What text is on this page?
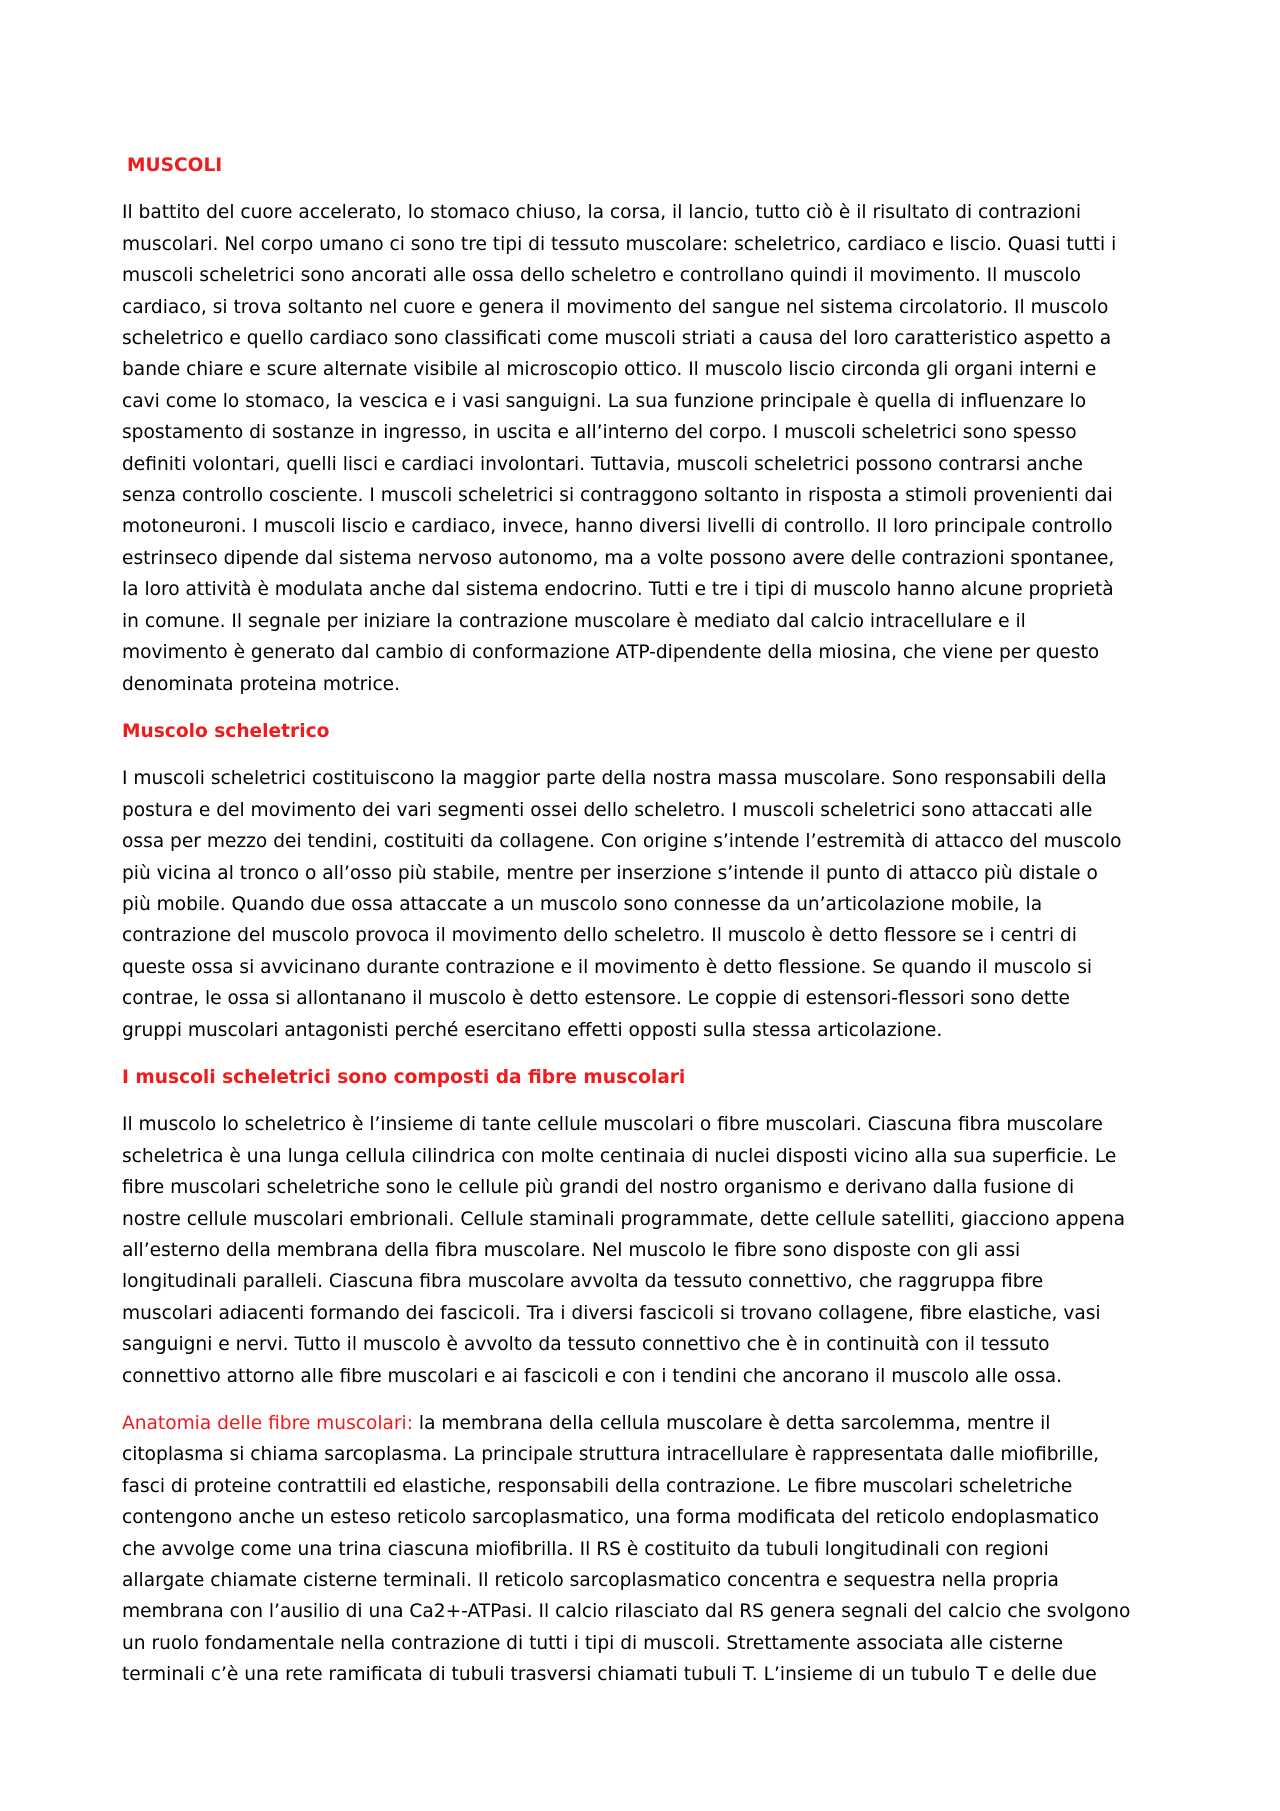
MUSCOLI

Il battito del cuore accelerato, lo stomaco chiuso, la corsa, il lancio, tutto ciò è il risultato di contrazioni
muscolari. Nel corpo umano ci sono tre tipi di tessuto muscolare: scheletrico, cardiaco e liscio. Quasi tutti i
muscoli scheletrici sono ancorati alle ossa dello scheletro e controllano quindi il movimento. Il muscolo
cardiaco, si trova soltanto nel cuore e genera il movimento del sangue nel sistema circolatorio. Il muscolo
scheletrico e quello cardiaco sono classificati come muscoli striati a causa del loro caratteristico aspetto a
bande chiare e scure alternate visibile al microscopio ottico. Il muscolo liscio circonda gli organi interni e
cavi come lo stomaco, la vescica e i vasi sanguigni. La sua funzione principale è quella di influenzare lo
spostamento di sostanze in ingresso, in uscita e all’interno del corpo. I muscoli scheletrici sono spesso
definiti volontari, quelli lisci e cardiaci involontari. Tuttavia, muscoli scheletrici possono contrarsi anche
senza controllo cosciente. I muscoli scheletrici si contraggono soltanto in risposta a stimoli provenienti dai
motoneuroni. I muscoli liscio e cardiaco, invece, hanno diversi livelli di controllo. Il loro principale controllo
estrinseco dipende dal sistema nervoso autonomo, ma a volte possono avere delle contrazioni spontanee,
la loro attività è modulata anche dal sistema endocrino. Tutti e tre i tipi di muscolo hanno alcune proprietà
in comune. Il segnale per iniziare la contrazione muscolare è mediato dal calcio intracellulare e il
movimento è generato dal cambio di conformazione ATP-dipendente della miosina, che viene per questo
denominata proteina motrice.

Muscolo scheletrico

I muscoli scheletrici costituiscono la maggior parte della nostra massa muscolare. Sono responsabili della
postura e del movimento dei vari segmenti ossei dello scheletro. I muscoli scheletrici sono attaccati alle
ossa per mezzo dei tendini, costituiti da collagene. Con origine s’intende l’estremità di attacco del muscolo
più vicina al tronco o all’osso più stabile, mentre per inserzione s’intende il punto di attacco più distale o
più mobile. Quando due ossa attaccate a un muscolo sono connesse da un’articolazione mobile, la
contrazione del muscolo provoca il movimento dello scheletro. Il muscolo è detto flessore se i centri di
queste ossa si avvicinano durante contrazione e il movimento è detto flessione. Se quando il muscolo si
contrae, le ossa si allontanano il muscolo è detto estensore. Le coppie di estensori-flessori sono dette
gruppi muscolari antagonisti perché esercitano effetti opposti sulla stessa articolazione.

I muscoli scheletrici sono composti da fibre muscolari

Il muscolo lo scheletrico è l’insieme di tante cellule muscolari o fibre muscolari. Ciascuna fibra muscolare
scheletrica è una lunga cellula cilindrica con molte centinaia di nuclei disposti vicino alla sua superficie. Le
fibre muscolari scheletriche sono le cellule più grandi del nostro organismo e derivano dalla fusione di
nostre cellule muscolari embrionali. Cellule staminali programmate, dette cellule satelliti, giacciono appena
all’esterno della membrana della fibra muscolare. Nel muscolo le fibre sono disposte con gli assi
longitudinali paralleli. Ciascuna fibra muscolare avvolta da tessuto connettivo, che raggruppa fibre
muscolari adiacenti formando dei fascicoli. Tra i diversi fascicoli si trovano collagene, fibre elastiche, vasi
sanguigni e nervi. Tutto il muscolo è avvolto da tessuto connettivo che è in continuità con il tessuto
connettivo attorno alle fibre muscolari e ai fascicoli e con i tendini che ancorano il muscolo alle ossa.

Anatomia delle fibre muscolari: la membrana della cellula muscolare è detta sarcolemma, mentre il
citoplasma si chiama sarcoplasma. La principale struttura intracellulare è rappresentata dalle miofibrille,
fasci di proteine contrattili ed elastiche, responsabili della contrazione. Le fibre muscolari scheletriche
contengono anche un esteso reticolo sarcoplasmatico, una forma modificata del reticolo endoplasmatico
che avvolge come una trina ciascuna miofibrilla. Il RS è costituito da tubuli longitudinali con regioni
allargate chiamate cisterne terminali. Il reticolo sarcoplasmatico concentra e sequestra nella propria
membrana con l’ausilio di una Ca2+-ATPasi. Il calcio rilasciato dal RS genera segnali del calcio che svolgono
un ruolo fondamentale nella contrazione di tutti i tipi di muscoli. Strettamente associata alle cisterne
terminali c’è una rete ramificata di tubuli trasversi chiamati tubuli T. L’insieme di un tubulo T e delle due
